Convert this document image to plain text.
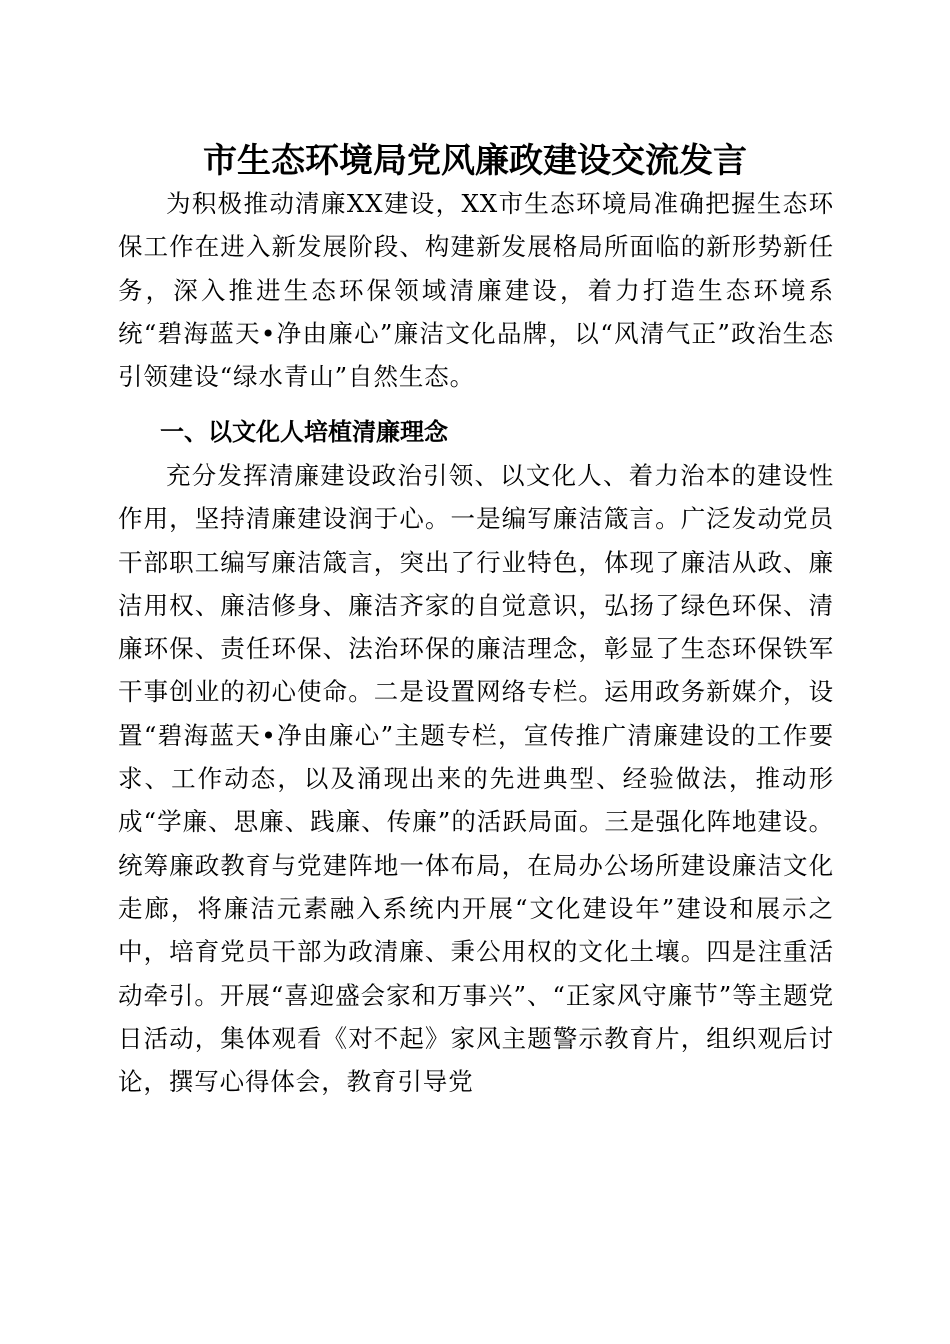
市生态环境局党风廉政建设交流发言

为积极推动清廉XX建设，XX市生态环境局准确把握生态环保工作在进入新发展阶段、构建新发展格局所面临的新形势新任务，深入推进生态环保领域清廉建设，着力打造生态环境系统“碧海蓝天•净由廉心”廉洁文化品牌，以“风清气正”政治生态引领建设“绿水青山”自然生态。

一、以文化人培植清廉理念

充分发挥清廉建设政治引领、以文化人、着力治本的建设性作用，坚持清廉建设润于心。一是编写廉洁箴言。广泛发动党员干部职工编写廉洁箴言，突出了行业特色，体现了廉洁从政、廉洁用权、廉洁修身、廉洁齐家的自觉意识，弘扬了绿色环保、清廉环保、责任环保、法治环保的廉洁理念，彰显了生态环保铁军干事创业的初心使命。二是设置网络专栏。运用政务新媒介，设置“碧海蓝天•净由廉心”主题专栏，宣传推广清廉建设的工作要求、工作动态，以及涌现出来的先进典型、经验做法，推动形成“学廉、思廉、践廉、传廉”的活跃局面。三是强化阵地建设。统筹廉政教育与党建阵地一体布局，在局办公场所建设廉洁文化走廊，将廉洁元素融入系统内开展“文化建设年”建设和展示之中，培育党员干部为政清廉、秉公用权的文化土壤。四是注重活动牵引。开展“喜迎盛会家和万事兴”、“正家风守廉节”等主题党日活动，集体观看《对不起》家风主题警示教育片，组织观后讨论，撰写心得体会，教育引导党
